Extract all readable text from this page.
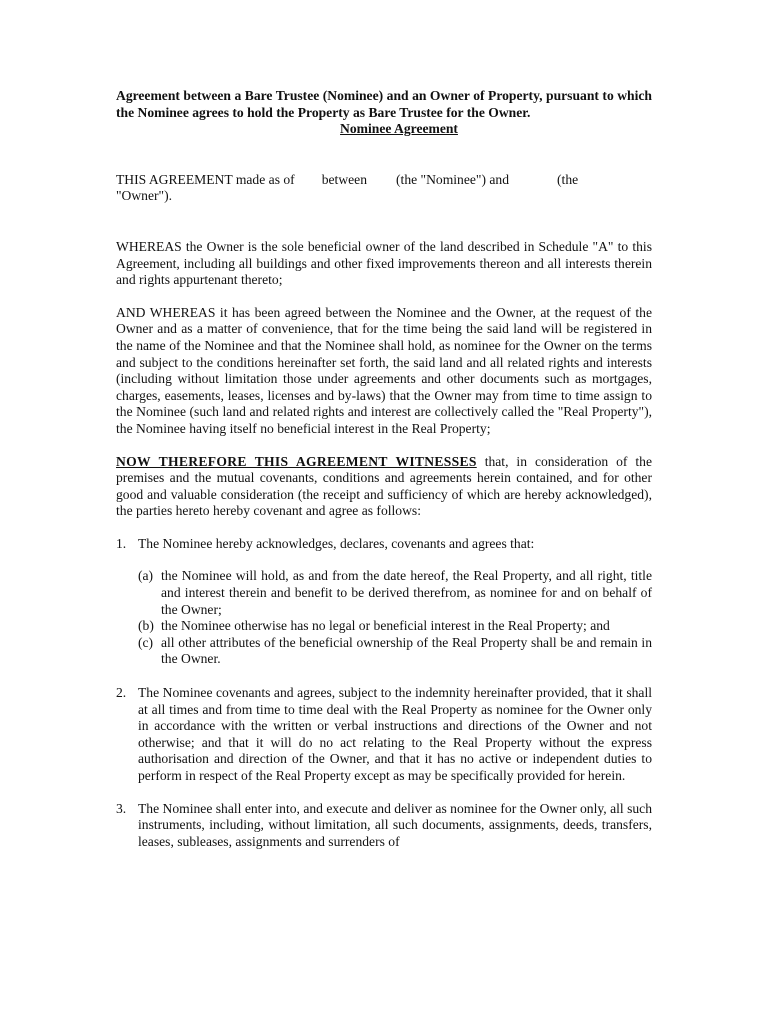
Agreement between a Bare Trustee (Nominee) and an Owner of Property, pursuant to which the Nominee agrees to hold the Property as Bare Trustee for the Owner.

Nominee Agreement

THIS AGREEMENT made as of between (the "Nominee") and	(the
"Owner").

WHEREAS the Owner is the sole beneficial owner of the land described in Schedule "A" to this Agreement, including all buildings and other fixed improvements thereon and all interests therein and rights appurtenant thereto;

AND WHEREAS it has been agreed between the Nominee and the Owner, at the request of the Owner and as a matter of convenience, that for the time being the said land will be registered in the name of the Nominee and that the Nominee shall hold, as nominee for the Owner on the terms and subject to the conditions hereinafter set forth, the said land and all related rights and interests (including without limitation those under agreements and other documents such as mortgages, charges, easements, leases, licenses and by-laws) that the Owner may from time to time assign to the Nominee (such land and related rights and interest are collectively called the "Real Property"), the Nominee having itself no beneficial interest in the Real Property;

NOW THEREFORE THIS AGREEMENT WITNESSES that, in consideration of the premises and the mutual covenants, conditions and agreements herein contained, and for other good and valuable consideration (the receipt and sufficiency of which are hereby acknowledged), the parties hereto hereby covenant and agree as follows:

1. The Nominee hereby acknowledges, declares, covenants and agrees that:
(a) the Nominee will hold, as and from the date hereof, the Real Property, and all right, title and interest therein and benefit to be derived therefrom, as nominee for and on behalf of the Owner;
(b) the Nominee otherwise has no legal or beneficial interest in the Real Property; and
(c) all other attributes of the beneficial ownership of the Real Property shall be and remain in the Owner.
2. The Nominee covenants and agrees, subject to the indemnity hereinafter provided, that it shall at all times and from time to time deal with the Real Property as nominee for the Owner only in accordance with the written or verbal instructions and directions of the Owner and not otherwise; and that it will do no act relating to the Real Property without the express authorisation and direction of the Owner, and that it has no active or independent duties to perform in respect of the Real Property except as may be specifically provided for herein.
3. The Nominee shall enter into, and execute and deliver as nominee for the Owner only, all such instruments, including, without limitation, all such documents, assignments, deeds, transfers, leases, subleases, assignments and surrenders of
